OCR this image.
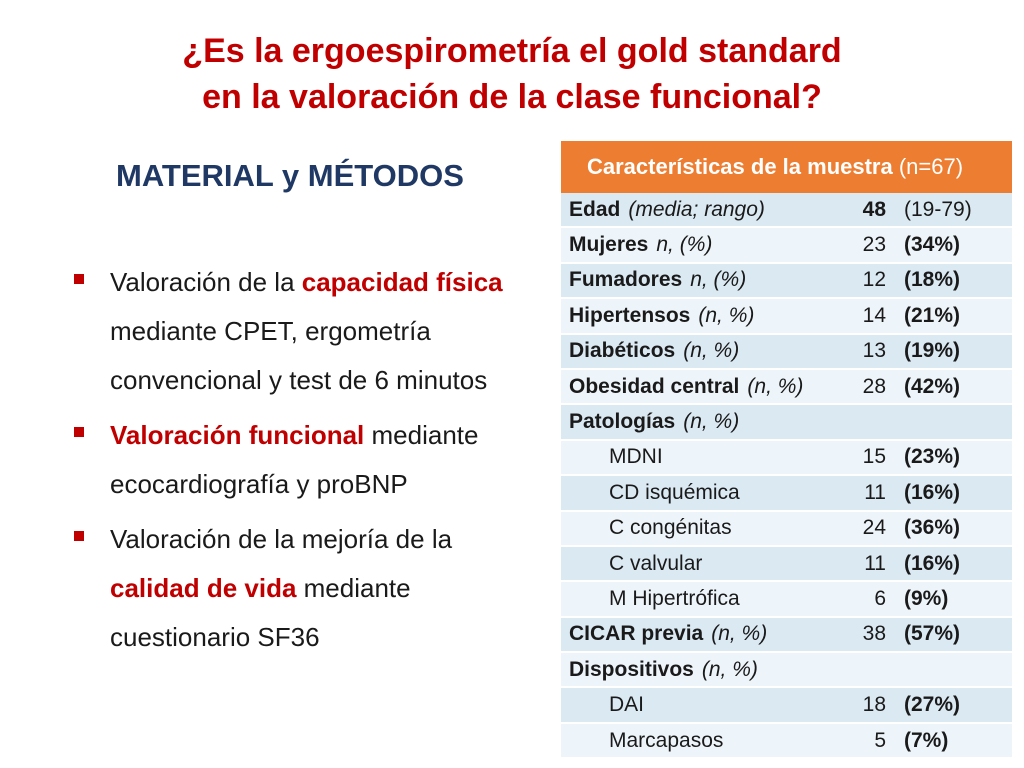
¿Es la ergoespirometría el gold standard
en la valoración de la clase funcional?
MATERIAL y MÉTODOS
Valoración de la capacidad física mediante CPET, ergometría convencional y test de 6 minutos
Valoración funcional mediante ecocardiografía y proBNP
Valoración de la mejoría de la calidad de vida mediante cuestionario SF36
Características de la muestra (n=67)
Edad (media; rango)	48 (19-79)
Mujeres n, (%)	23 (34%)
Fumadores n, (%)	12 (18%)
Hipertensos (n, %)	14 (21%)
Diabéticos (n, %)	13 (19%)
Obesidad central (n, %)	28 (42%)
Patologías (n, %)
MDNI	15 (23%)
CD isquémica	11 (16%)
C congénitas	24 (36%)
C valvular	11 (16%)
M Hipertrófica	6 (9%)
CICAR previa (n, %)	38 (57%)
Dispositivos (n, %)
DAI	18 (27%)
Marcapasos	5 (7%)
